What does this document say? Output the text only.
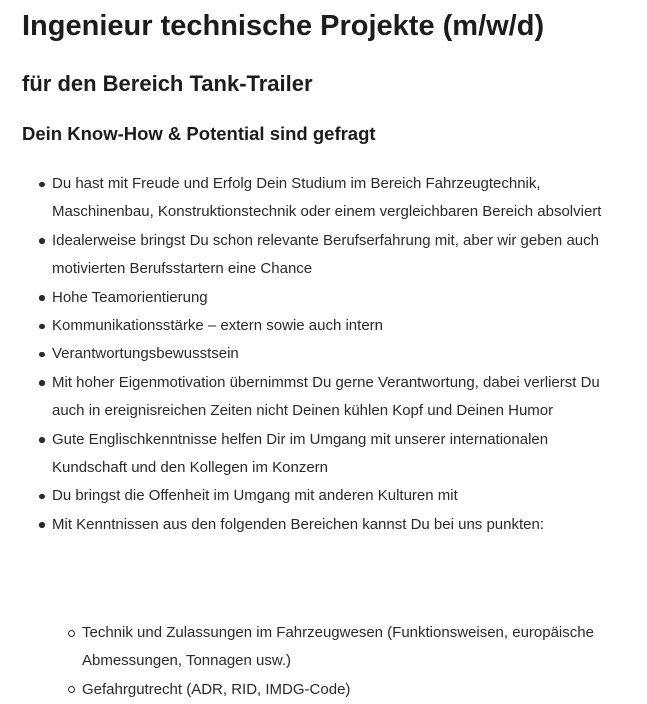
Ingenieur technische Projekte (m/w/d)
für den Bereich Tank-Trailer
Dein Know-How & Potential sind gefragt
Du hast mit Freude und Erfolg Dein Studium im Bereich Fahrzeugtechnik, Maschinenbau, Konstruktionstechnik oder einem vergleichbaren Bereich absolviert
Idealerweise bringst Du schon relevante Berufserfahrung mit, aber wir geben auch motivierten Berufsstartern eine Chance
Hohe Teamorientierung
Kommunikationsstärke – extern sowie auch intern
Verantwortungsbewusstsein
Mit hoher Eigenmotivation übernimmst Du gerne Verantwortung, dabei verlierst Du auch in ereignisreichen Zeiten nicht Deinen kühlen Kopf und Deinen Humor
Gute Englischkenntnisse helfen Dir im Umgang mit unserer internationalen Kundschaft und den Kollegen im Konzern
Du bringst die Offenheit im Umgang mit anderen Kulturen mit
Mit Kenntnissen aus den folgenden Bereichen kannst Du bei uns punkten:
Technik und Zulassungen im Fahrzeugwesen (Funktionsweisen, europäische Abmessungen, Tonnagen usw.)
Gefahrgutrecht (ADR, RID, IMDG-Code)
